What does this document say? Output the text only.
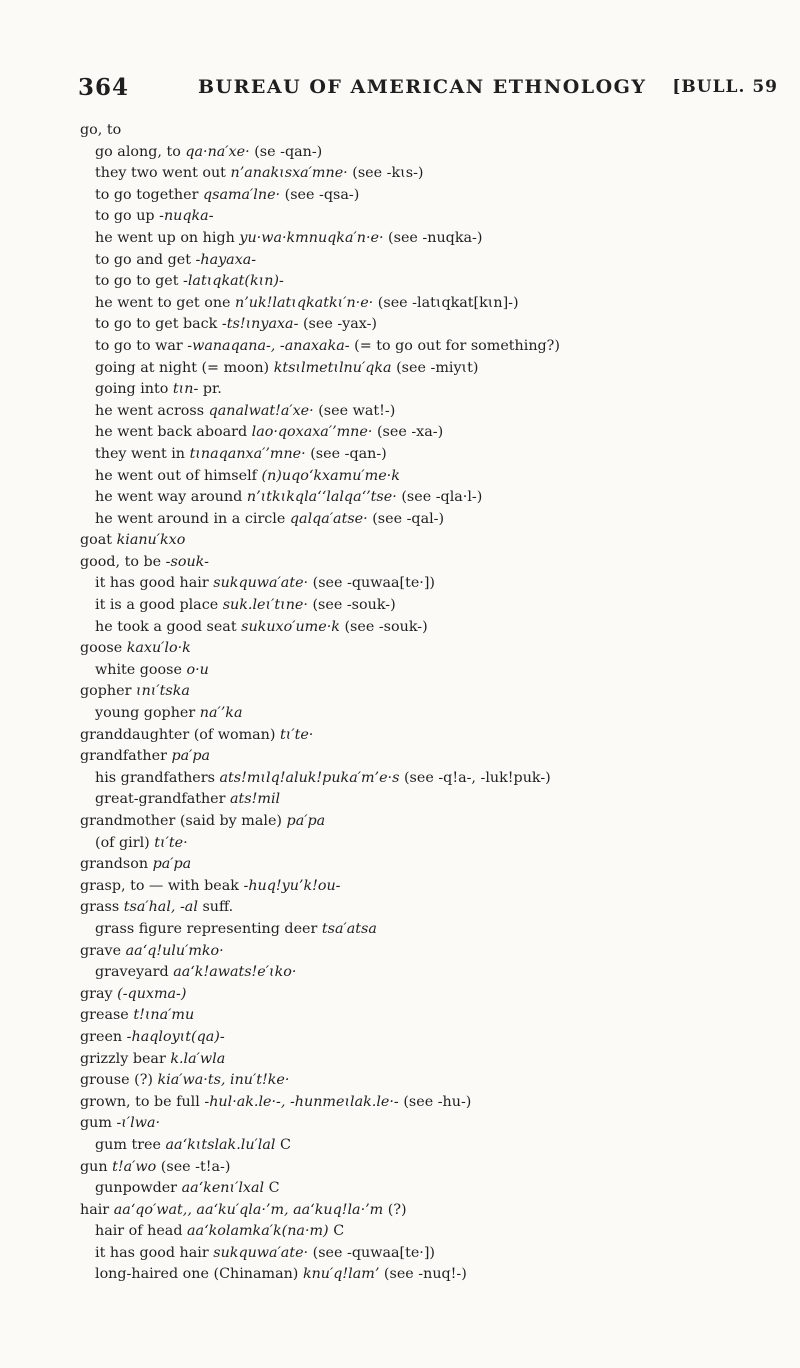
364	BUREAU OF AMERICAN ETHNOLOGY [BULL. 59
go, to
go along, to qa·na′xe· (se -qan-)
they two went out n’anakɩsxa′mne· (see -kɩs-)
to go together qsama′lne· (see -qsa-)
to go up -nuqka-
he went up on high yu·wa·kmnuqka′n·e· (see -nuqka-)
to go and get -hayaxa-
to go to get -latɩqkat(kɩn)-
he went to get one n’uk!latɩqkatkɩ′n·e· (see -latɩqkat[kɩn]-)
to go to get back -ts!ɩnyaxa- (see -yax-)
to go to war -wanaqana-, -anaxaka- (= to go out for something?)
going at night (= moon) ktsɩlmetɩlnu′qka (see -miyɩt)
going into tɩn- pr.
he went across qanalwat!a′xe· (see wat!-)
he went back aboard lao·qoxaxa′’mne· (see -xa-)
they went in tɩnaqanxa′’mne· (see -qan-)
he went out of himself (n)uqo‘kxamu′me·k
he went way around n’ɩtkɩkqla‘‘lalqa‘’tse· (see -qla·l-)
he went around in a circle qalqa′atse· (see -qal-)
goat kianu′kxo
good, to be -souk-
it has good hair sukquwa′ate· (see -quwaa[te·])
it is a good place suk.leɩ′tɩne· (see -souk-)
he took a good seat sukuxo′ume·k (see -souk-)
goose kaxu′lo·k
white goose o·u
gopher ɩnɩ′tska
young gopher na′’ka
granddaughter (of woman) tɩ′te·
grandfather pa′pa
his grandfathers ats!mɩlq!aluk!puka′m’e·s (see -q!a-, -luk!puk-)
great-grandfather ats!mil
grandmother (said by male) pa′pa
(of girl) tɩ′te·
grandson pa′pa
grasp, to — with beak -huq!yu’k!ou-
grass tsa′hal, -al suff.
grass figure representing deer tsa′atsa
grave aa‘q!ulu′mko·
graveyard aa‘k!awats!e′ɩko·
gray (-quxma-)
grease t!ɩna′mu
green -haqloyɩt(qa)-
grizzly bear k.la′wla
grouse (?) kia′wa·ts, inu′t!ke·
grown, to be full -hul·ak.le·-, -hunmeɩlak.le·- (see -hu-)
gum -ɩ′lwa·
gum tree aa‘kɩtslak.lu′lal C
gun t!a′wo (see -t!a-)
gunpowder aa‘kenɩ′lxal C
hair aa‘qo′wat,, aa‘ku′qla·’m, aa‘kuq!la·’m (?)
hair of head aa‘kolamka′k(na·m) C
it has good hair sukquwa′ate· (see -quwaa[te·])
long-haired one (Chinaman) knu′q!lam’ (see -nuq!-)
